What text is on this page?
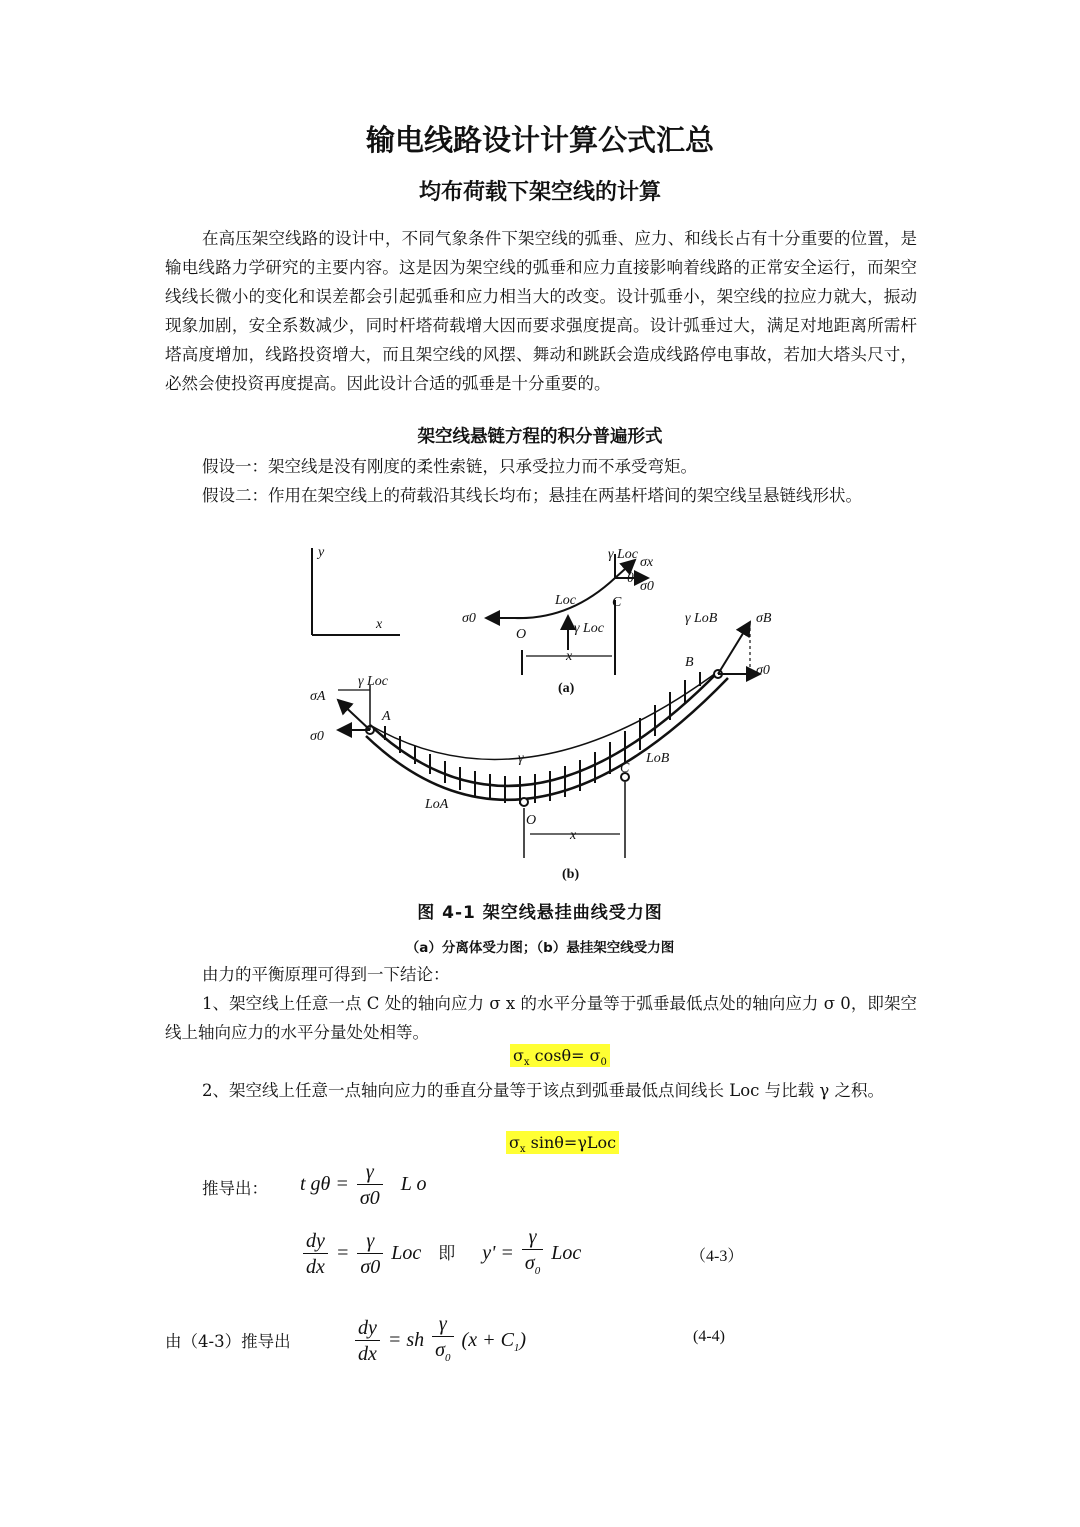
输电线路设计计算公式汇总
均布荷载下架空线的计算
在高压架空线路的设计中，不同气象条件下架空线的弧垂、应力、和线长占有十分重要的位置，是输电线路力学研究的主要内容。这是因为架空线的弧垂和应力直接影响着线路的正常安全运行，而架空线线长微小的变化和误差都会引起弧垂和应力相当大的改变。设计弧垂小，架空线的拉应力就大，振动现象加剧，安全系数减少，同时杆塔荷载增大因而要求强度提高。设计弧垂过大，满足对地距离所需杆塔高度增加，线路投资增大，而且架空线的风摆、舞动和跳跃会造成线路停电事故，若加大塔头尺寸，必然会使投资再度提高。因此设计合适的弧垂是十分重要的。
架空线悬链方程的积分普遍形式
假设一：架空线是没有刚度的柔性索链，只承受拉力而不承受弯矩。
假设二：作用在架空线上的荷载沿其线长均布；悬挂在两基杆塔间的架空线呈悬链线形状。
y
x
γ Loc
σx
σ0
θ
Loc	C
σ0
O	γ Loc
x
(a)
γ Loc
σA
σ0
A
γ
LoA
O
C
LoB
B
γ LoB	σB
σ0
x
(b)
图 4-1 架空线悬挂曲线受力图
（a）分离体受力图；（b）悬挂架空线受力图
由力的平衡原理可得到一下结论：
1、架空线上任意一点 C 处的轴向应力 σ x 的水平分量等于弧垂最低点处的轴向应力 σ 0，即架空线上轴向应力的水平分量处处相等。
$\sigma_x$ $\cos\theta= \sigma_0$
2、架空线上任意一点轴向应力的垂直分量等于该点到弧垂最低点间线长 Loc 与比载 γ 之积。
$\sigma_x$ sinθ=γLoc
推导出： t $g\theta = \frac{\gamma}{\sigma 0}$ L o
$\frac{dy}{dx} = \frac{\gamma}{\sigma 0}$ Loc 即 $y' = \frac{\gamma}{\sigma_0}$ Loc	（4-3）
由（4-3）推导出	$\frac{dy}{dx}$ = sh $\frac{\gamma}{\sigma_0} (x + C_1)$	(4-4)
